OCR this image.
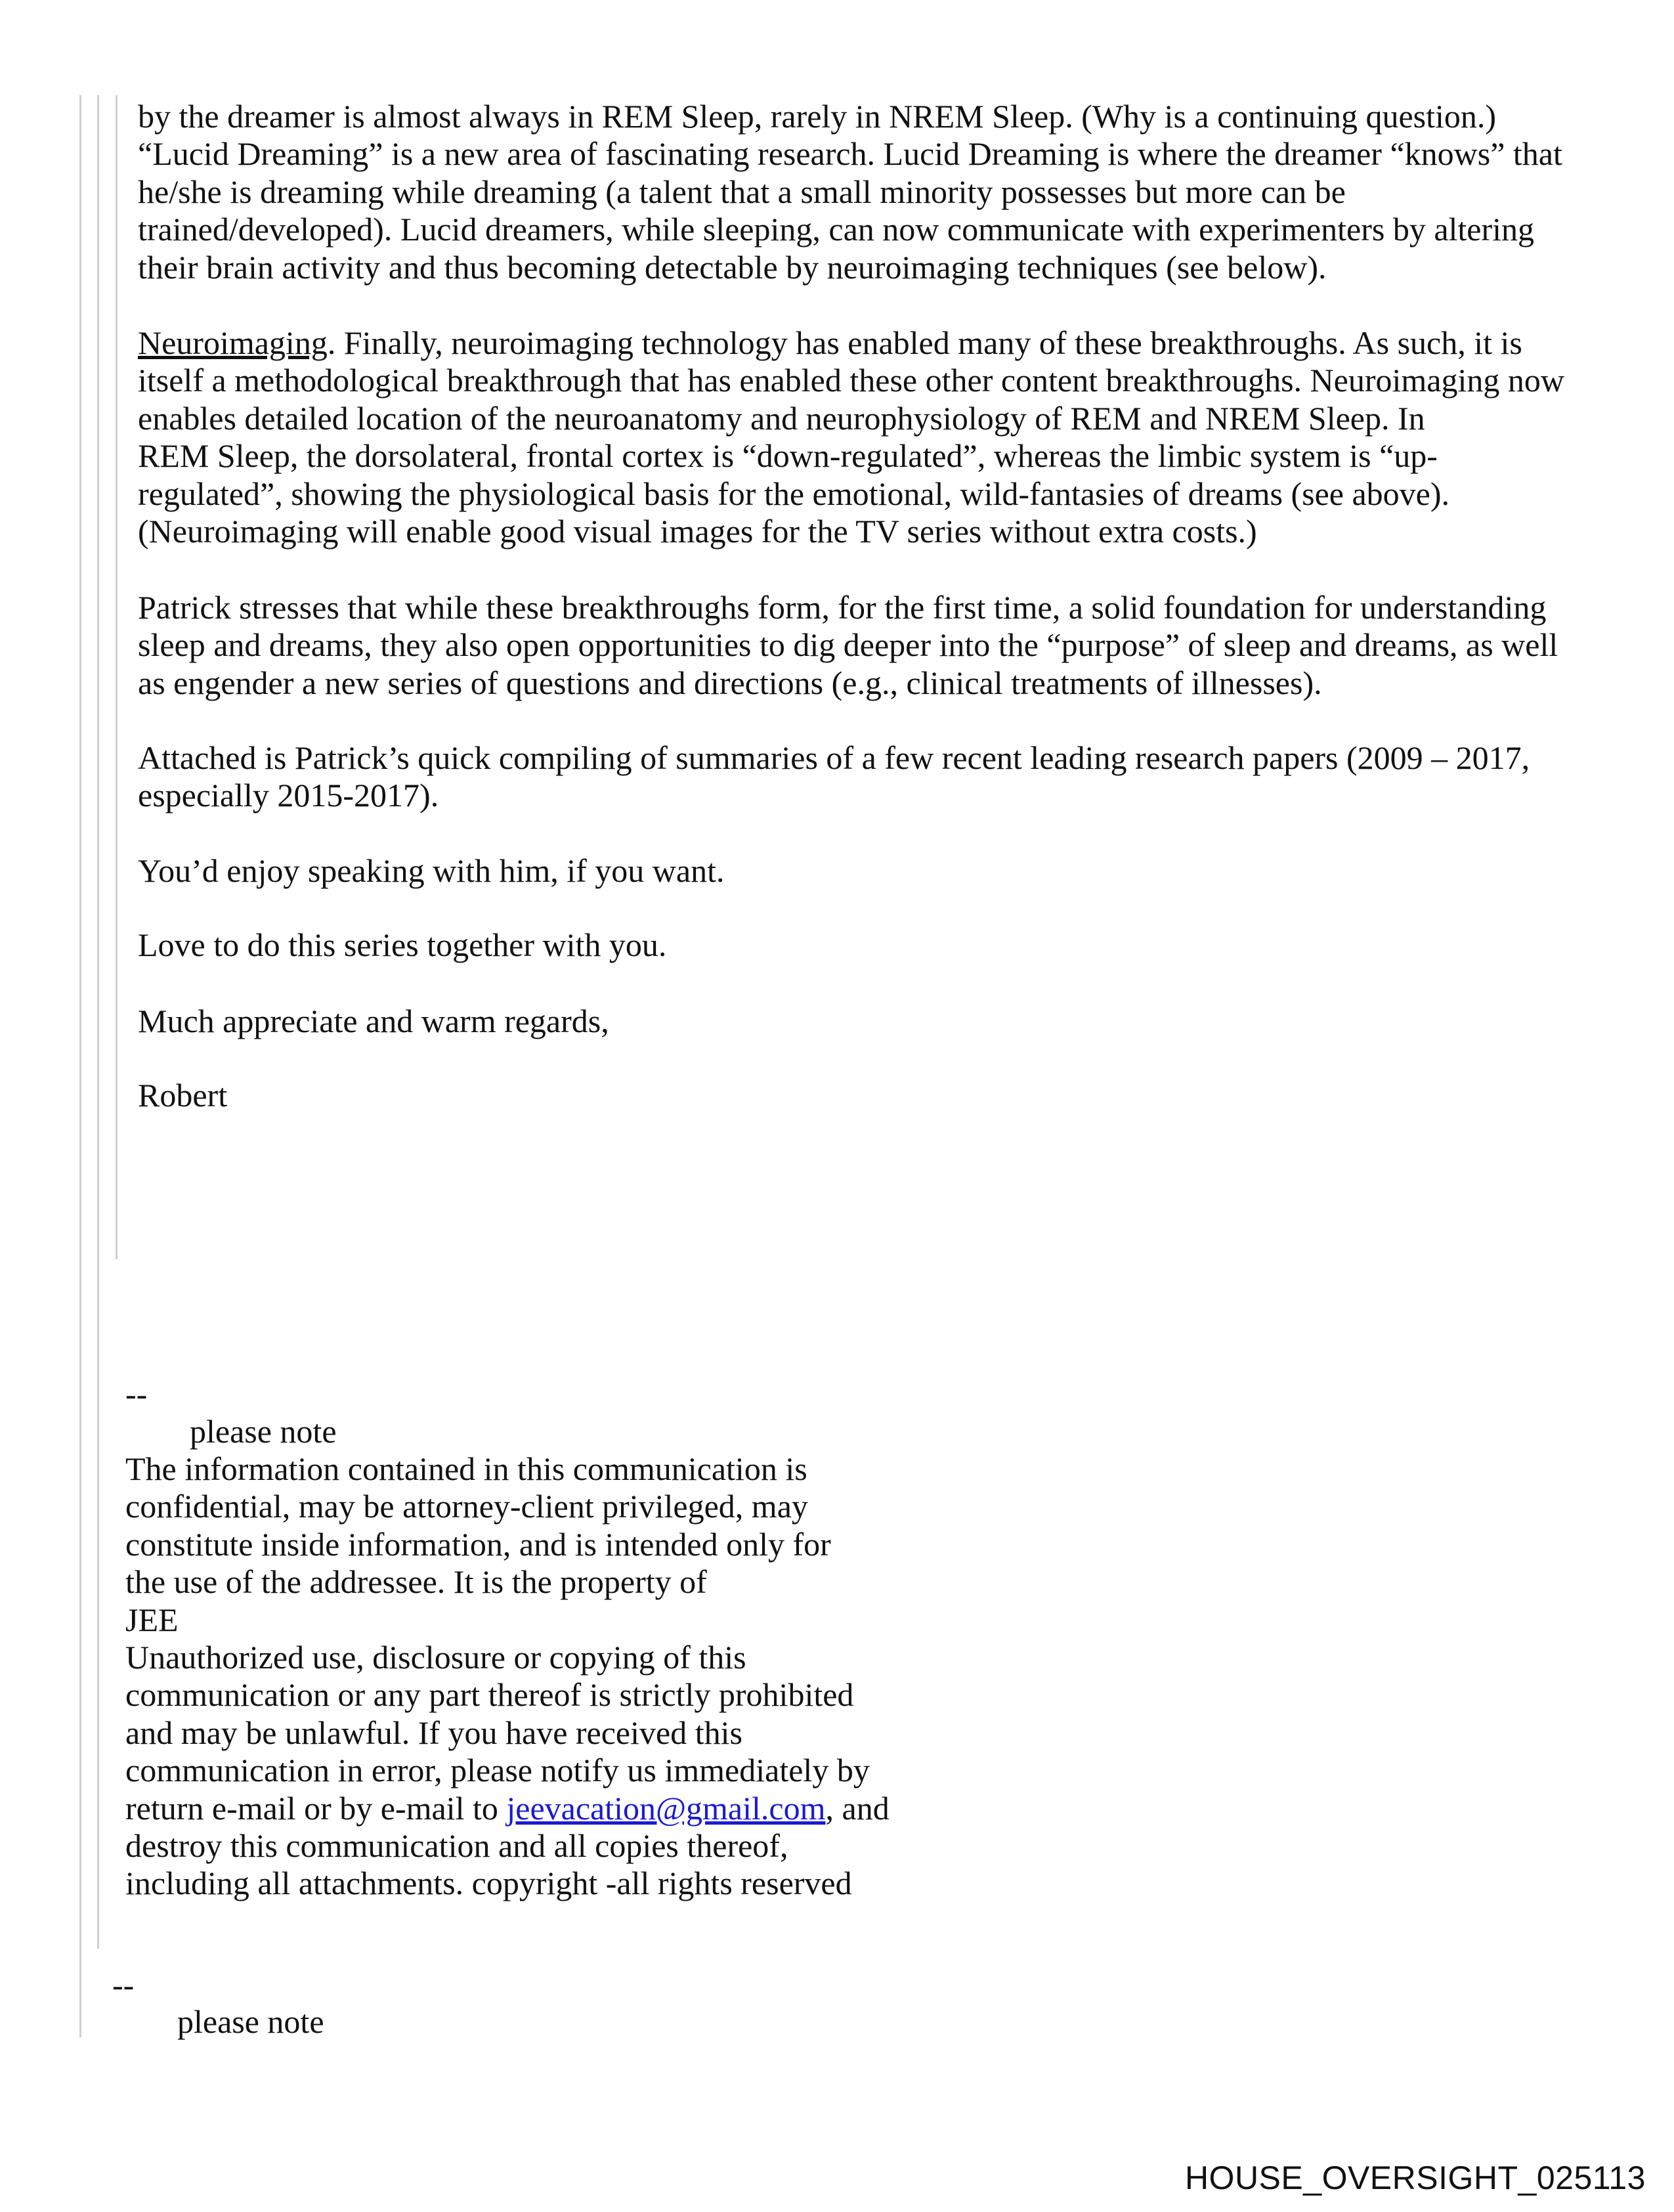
by the dreamer is almost always in REM Sleep, rarely in NREM Sleep. (Why is a continuing question.)
“Lucid Dreaming” is a new area of fascinating research. Lucid Dreaming is where the dreamer “knows” that
he/she is dreaming while dreaming (a talent that a small minority possesses but more can be
trained/developed). Lucid dreamers, while sleeping, can now communicate with experimenters by altering
their brain activity and thus becoming detectable by neuroimaging techniques (see below).
Neuroimaging. Finally, neuroimaging technology has enabled many of these breakthroughs. As such, it is
itself a methodological breakthrough that has enabled these other content breakthroughs. Neuroimaging now
enables detailed location of the neuroanatomy and neurophysiology of REM and NREM Sleep. In
REM Sleep, the dorsolateral, frontal cortex is “down-regulated”, whereas the limbic system is “up-
regulated”, showing the physiological basis for the emotional, wild-fantasies of dreams (see above).
(Neuroimaging will enable good visual images for the TV series without extra costs.)
Patrick stresses that while these breakthroughs form, for the first time, a solid foundation for understanding
sleep and dreams, they also open opportunities to dig deeper into the “purpose” of sleep and dreams, as well
as engender a new series of questions and directions (e.g., clinical treatments of illnesses).
Attached is Patrick’s quick compiling of summaries of a few recent leading research papers (2009 – 2017,
especially 2015-2017).
You’d enjoy speaking with him, if you want.
Love to do this series together with you.
Much appreciate and warm regards,
Robert
--
please note
The information contained in this communication is
confidential, may be attorney-client privileged, may
constitute inside information, and is intended only for
the use of the addressee. It is the property of
JEE
Unauthorized use, disclosure or copying of this
communication or any part thereof is strictly prohibited
and may be unlawful. If you have received this
communication in error, please notify us immediately by
return e-mail or by e-mail to jeevacation@gmail.com, and
destroy this communication and all copies thereof,
including all attachments. copyright -all rights reserved
--
please note
HOUSE_OVERSIGHT_025113
